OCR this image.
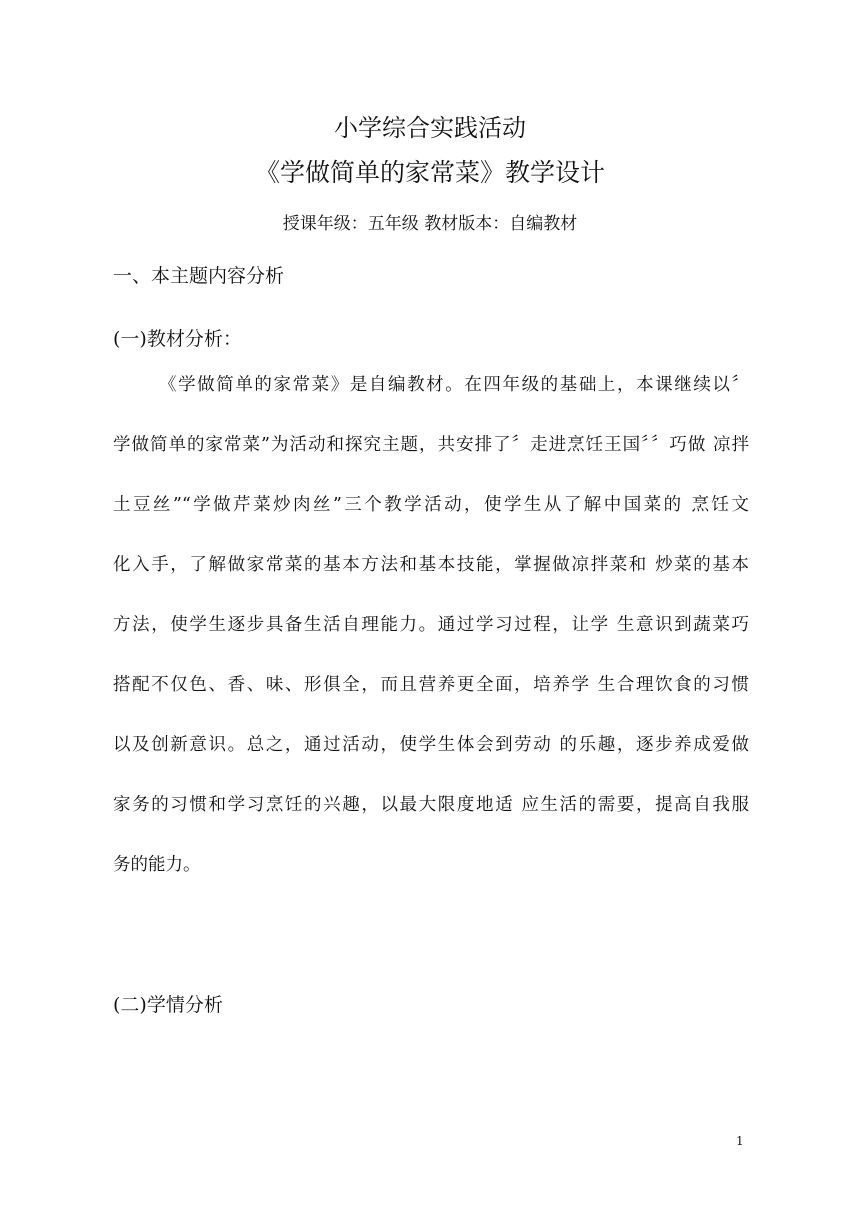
小学综合实践活动
《学做简单的家常菜》教学设计
授课年级：五年级 教材版本：自编教材
一、本主题内容分析
(一)教材分析：
《学做简单的家常菜》是自编教材。在四年级的基础上，本课继续以〞
学做简单的家常菜”为活动和探究主题，共安排了〞走进烹饪王国〞〞巧做 凉拌
土豆丝”“学做芹菜炒肉丝”三个教学活动，使学生从了解中国菜的 烹饪文
化入手，了解做家常菜的基本方法和基本技能，掌握做凉拌菜和 炒菜的基本
方法，使学生逐步具备生活自理能力。通过学习过程，让学 生意识到蔬菜巧
搭配不仅色、香、味、形俱全，而且营养更全面，培养学 生合理饮食的习惯
以及创新意识。总之，通过活动，使学生体会到劳动 的乐趣，逐步养成爱做
家务的习惯和学习烹饪的兴趣，以最大限度地适 应生活的需要，提高自我服
务的能力。
(二)学情分析
1
